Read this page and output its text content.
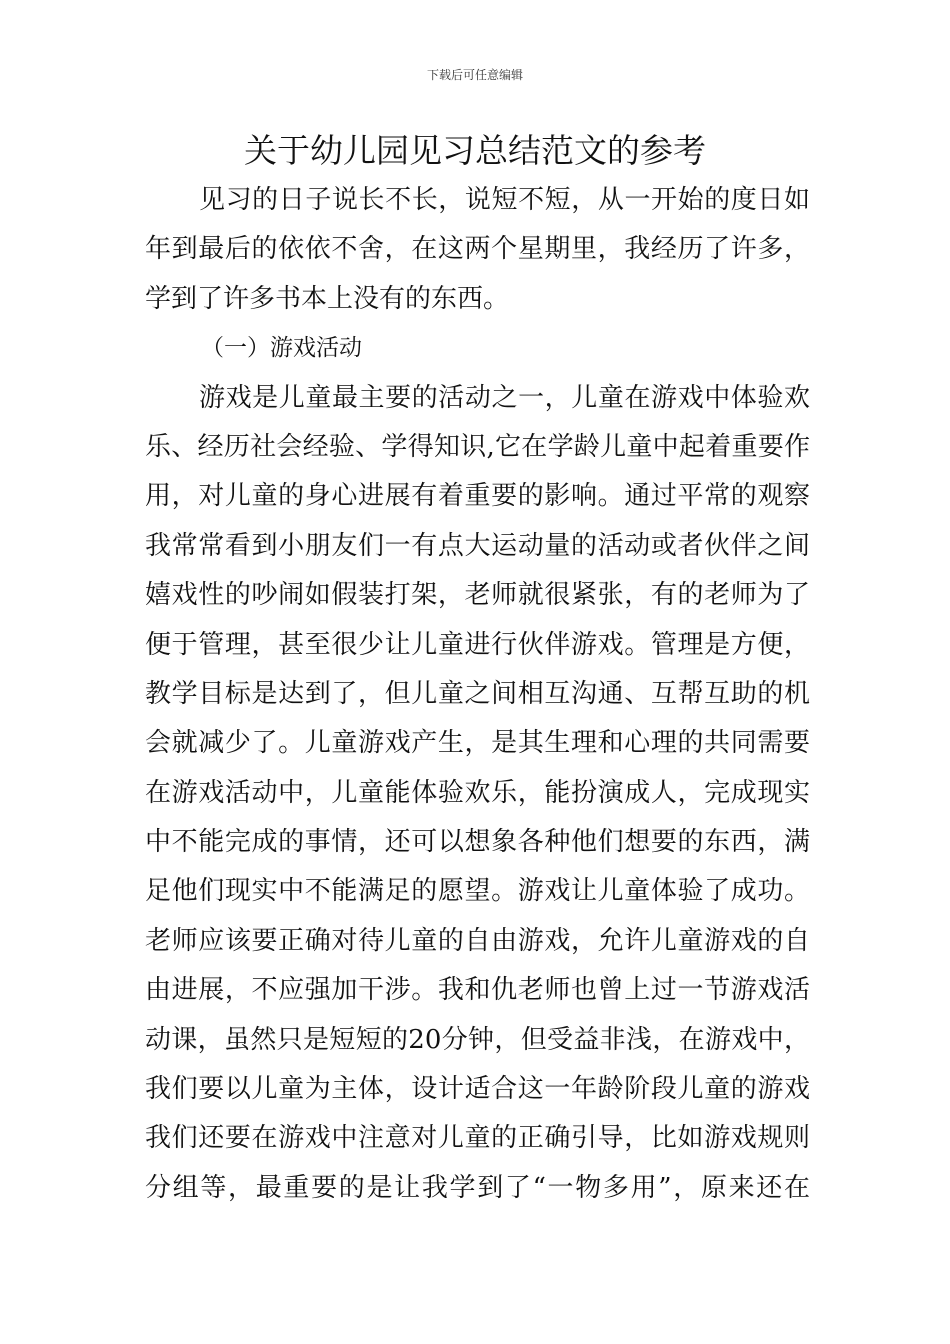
下载后可任意编辑
关于幼儿园见习总结范文的参考
见习的日子说长不长，说短不短，从一开始的度日如
年到最后的依依不舍，在这两个星期里，我经历了许多，
学到了许多书本上没有的东西。
（一）游戏活动
游戏是儿童最主要的活动之一，儿童在游戏中体验欢
乐、经历社会经验、学得知识,它在学龄儿童中起着重要作
用，对儿童的身心进展有着重要的影响。通过平常的观察
我常常看到小朋友们一有点大运动量的活动或者伙伴之间
嬉戏性的吵闹如假装打架，老师就很紧张，有的老师为了
便于管理，甚至很少让儿童进行伙伴游戏。管理是方便，
教学目标是达到了，但儿童之间相互沟通、互帮互助的机
会就减少了。儿童游戏产生，是其生理和心理的共同需要
在游戏活动中，儿童能体验欢乐，能扮演成人，完成现实
中不能完成的事情，还可以想象各种他们想要的东西，满
足他们现实中不能满足的愿望。游戏让儿童体验了成功。
老师应该要正确对待儿童的自由游戏，允许儿童游戏的自
由进展，不应强加干涉。我和仇老师也曾上过一节游戏活
动课，虽然只是短短的20分钟，但受益非浅，在游戏中，
我们要以儿童为主体，设计适合这一年龄阶段儿童的游戏
我们还要在游戏中注意对儿童的正确引导，比如游戏规则
分组等，最重要的是让我学到了“一物多用”，原来还在
